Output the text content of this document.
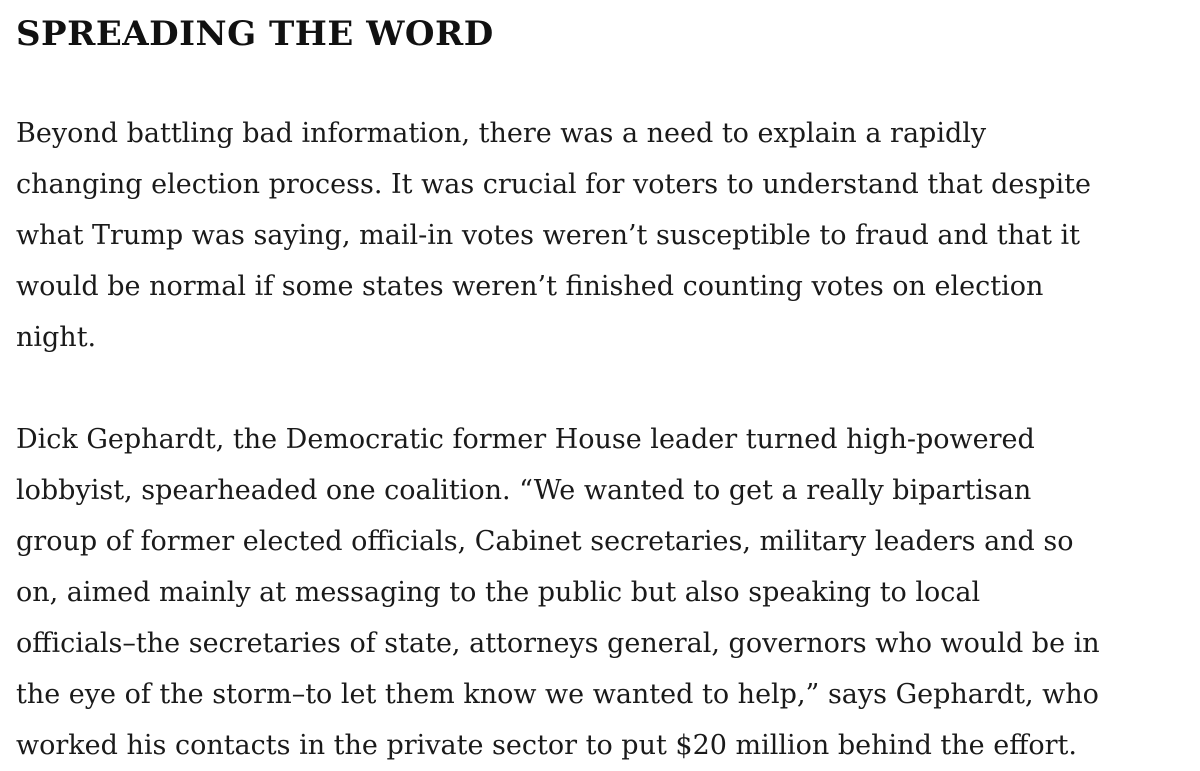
SPREADING THE WORD

Beyond battling bad information, there was a need to explain a rapidly
changing election process. It was crucial for voters to understand that despite
what Trump was saying, mail-in votes weren’t susceptible to fraud and that it
would be normal if some states weren’t finished counting votes on election
night.

Dick Gephardt, the Democratic former House leader turned high-powered
lobbyist, spearheaded one coalition. “We wanted to get a really bipartisan
group of former elected officials, Cabinet secretaries, military leaders and so
on, aimed mainly at messaging to the public but also speaking to local
officials–the secretaries of state, attorneys general, governors who would be in
the eye of the storm–to let them know we wanted to help,” says Gephardt, who
worked his contacts in the private sector to put $20 million behind the effort.
